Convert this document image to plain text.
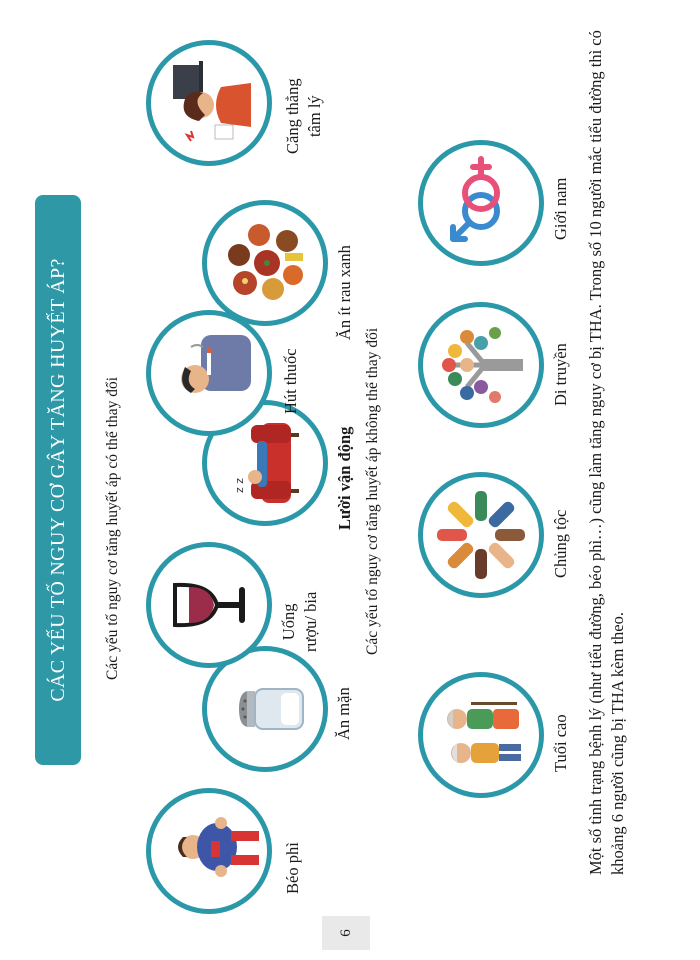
CÁC YẾU TỐ NGUY CƠ GÂY TĂNG HUYẾT ÁP? Các yếu tố nguy cơ tăng huyết áp có thể thay đổi	Các yếu tố nguy cơ tăng huyết áp không thể thay đổi
Béo phì
Ăn mặn
Uống rượu/ bia
z z	Lười vận động
Hút thuốc
Ăn ít rau xanh
Căng thẳng tâm lý
Tuổi cao
Chủng tộc
Di truyền
Giới nam Một số tình trạng bệnh lý (như tiểu đường, béo phì…) cũng làm tăng nguy cơ bị THA. Trong số 10 người mắc tiểu đường thì có khoảng 6 người cũng bị THA kèm theo.
6
